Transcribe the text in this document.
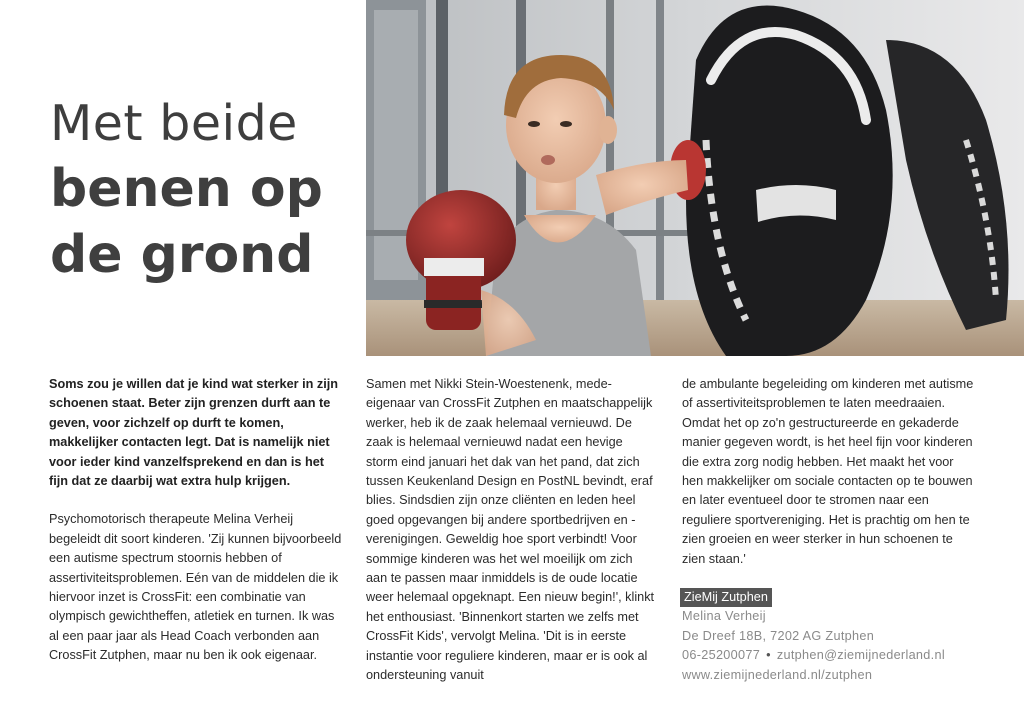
Met beide
benen op
de grond

Soms zou je willen dat je kind wat sterker in zijn schoenen staat. Beter zijn grenzen durft aan te geven, voor zichzelf op durft te komen, makkelijker contacten legt. Dat is namelijk niet voor ieder kind vanzelfsprekend en dan is het fijn dat ze daarbij wat extra hulp krijgen.

Psychomotorisch therapeute Melina Verheij begeleidt dit soort kinderen. 'Zij kunnen bijvoorbeeld een autisme spectrum stoornis hebben of assertiviteitsproblemen. Eén van de middelen die ik hiervoor inzet is CrossFit: een combinatie van olympisch gewichtheffen, atletiek en turnen. Ik was al een paar jaar als Head Coach verbonden aan CrossFit Zutphen, maar nu ben ik ook eigenaar.

Samen met Nikki Stein-Woestenenk, mede-eigenaar van CrossFit Zutphen en maatschappelijk werker, heb ik de zaak helemaal vernieuwd. De zaak is helemaal vernieuwd nadat een hevige storm eind januari het dak van het pand, dat zich tussen Keukenland Design en PostNL bevindt, eraf blies. Sindsdien zijn onze cliënten en leden heel goed opgevangen bij andere sportbedrijven en -verenigingen. Geweldig hoe sport verbindt! Voor sommige kinderen was het wel moeilijk om zich aan te passen maar inmiddels is de oude locatie weer helemaal opgeknapt. Een nieuw begin!', klinkt het enthousiast. 'Binnenkort starten we zelfs met CrossFit Kids', vervolgt Melina. 'Dit is in eerste instantie voor reguliere kinderen, maar er is ook al ondersteuning vanuit

de ambulante begeleiding om kinderen met autisme of assertiviteitsproblemen te laten meedraaien. Omdat het op zo'n gestructureerde en gekaderde manier gegeven wordt, is het heel fijn voor kinderen die extra zorg nodig hebben. Het maakt het voor hen makkelijker om sociale contacten op te bouwen en later eventueel door te stromen naar een reguliere sportvereniging. Het is prachtig om hen te zien groeien en weer sterker in hun schoenen te zien staan.'

ZieMij Zutphen
Melina Verheij
De Dreef 18B, 7202 AG Zutphen
06-25200077 • zutphen@ziemijnederland.nl
www.ziemijnederland.nl/zutphen
